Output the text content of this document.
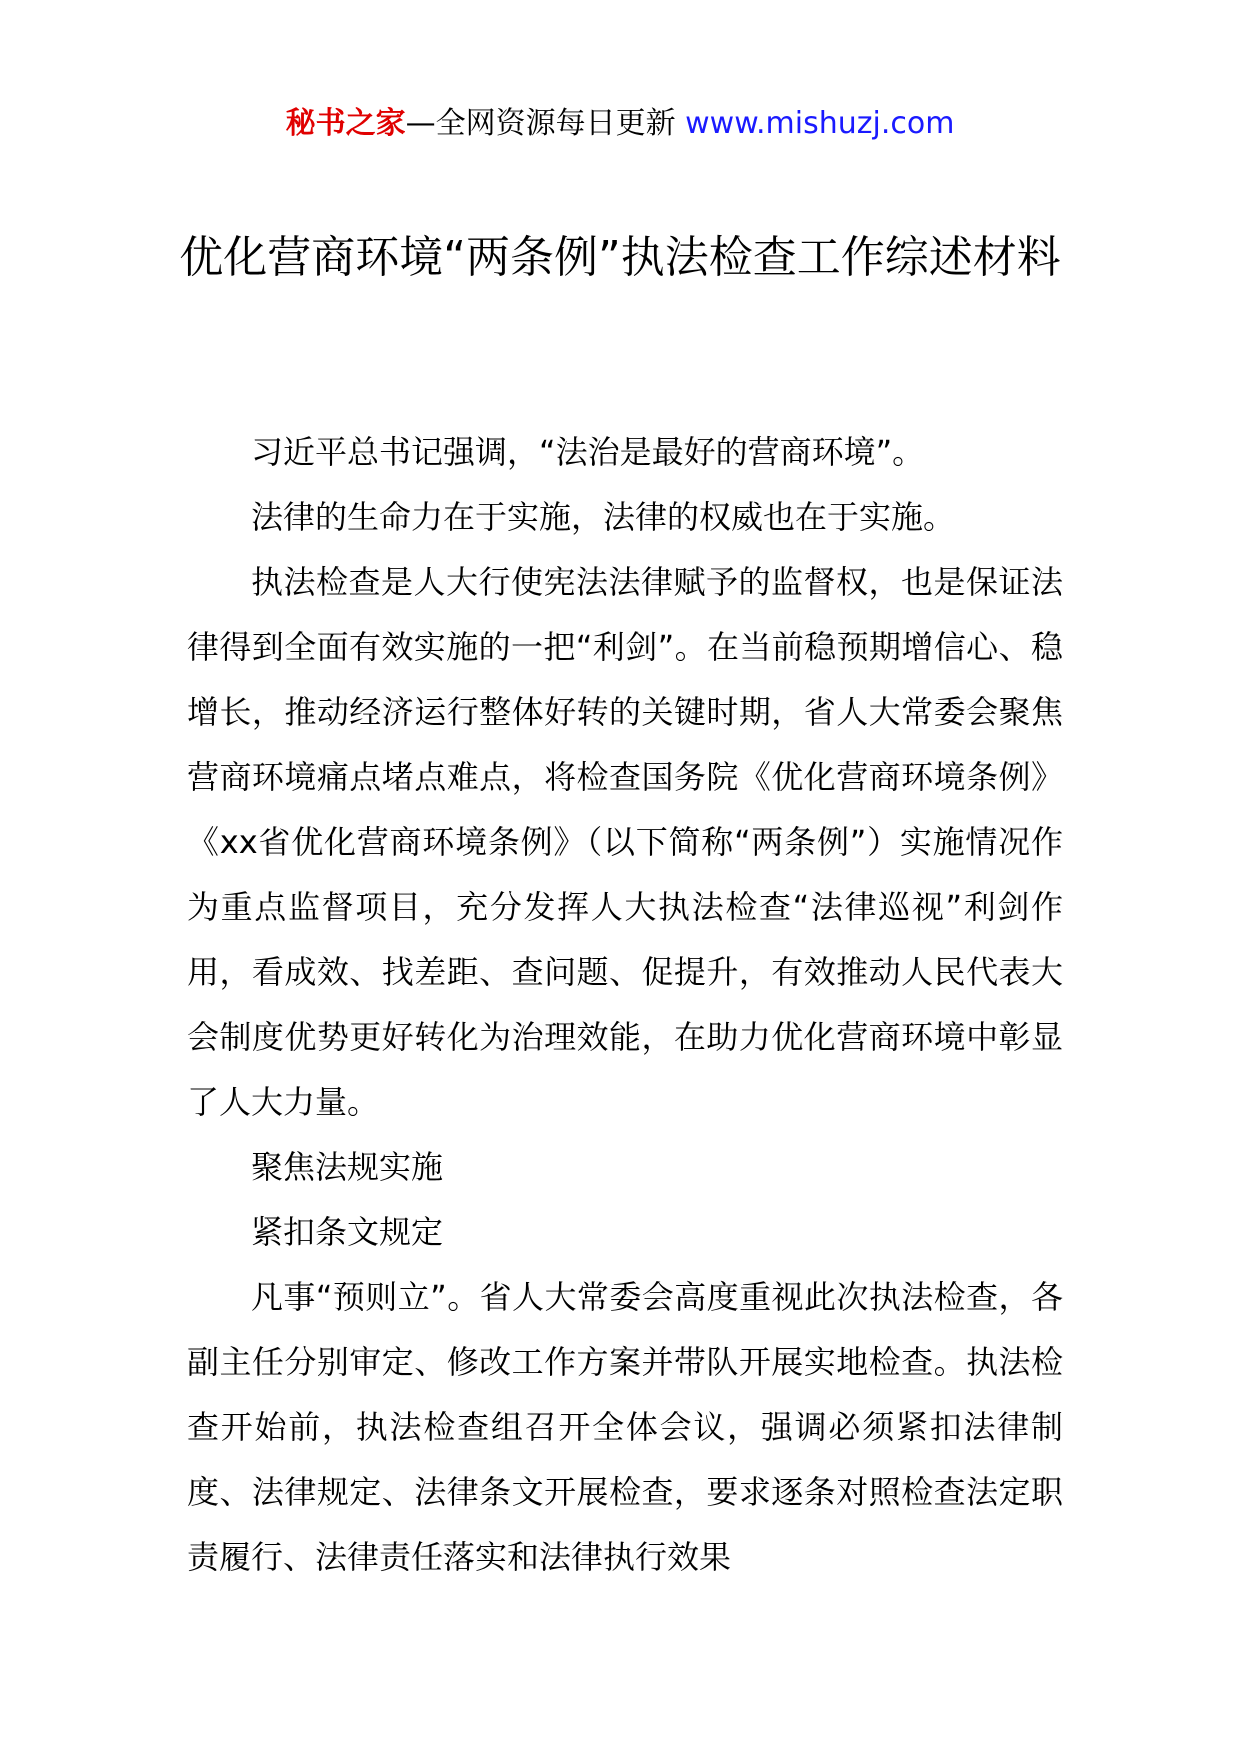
秘书之家—全网资源每日更新 www.mishuzj.com
优化营商环境“两条例”执法检查工作综述材料

习近平总书记强调，“法治是最好的营商环境”。

法律的生命力在于实施，法律的权威也在于实施。

执法检查是人大行使宪法法律赋予的监督权，也是保证法律得到全面有效实施的一把“利剑”。在当前稳预期增信心、稳增长，推动经济运行整体好转的关键时期，省人大常委会聚焦营商环境痛点堵点难点，将检查国务院《优化营商环境条例》《xx省优化营商环境条例》（以下简称“两条例”）实施情况作为重点监督项目，充分发挥人大执法检查“法律巡视”利剑作用，看成效、找差距、查问题、促提升，有效推动人民代表大会制度优势更好转化为治理效能，在助力优化营商环境中彰显了人大力量。

聚焦法规实施

紧扣条文规定

凡事“预则立”。省人大常委会高度重视此次执法检查，各副主任分别审定、修改工作方案并带队开展实地检查。执法检查开始前，执法检查组召开全体会议，强调必须紧扣法律制度、法律规定、法律条文开展检查，要求逐条对照检查法定职责履行、法律责任落实和法律执行效果
